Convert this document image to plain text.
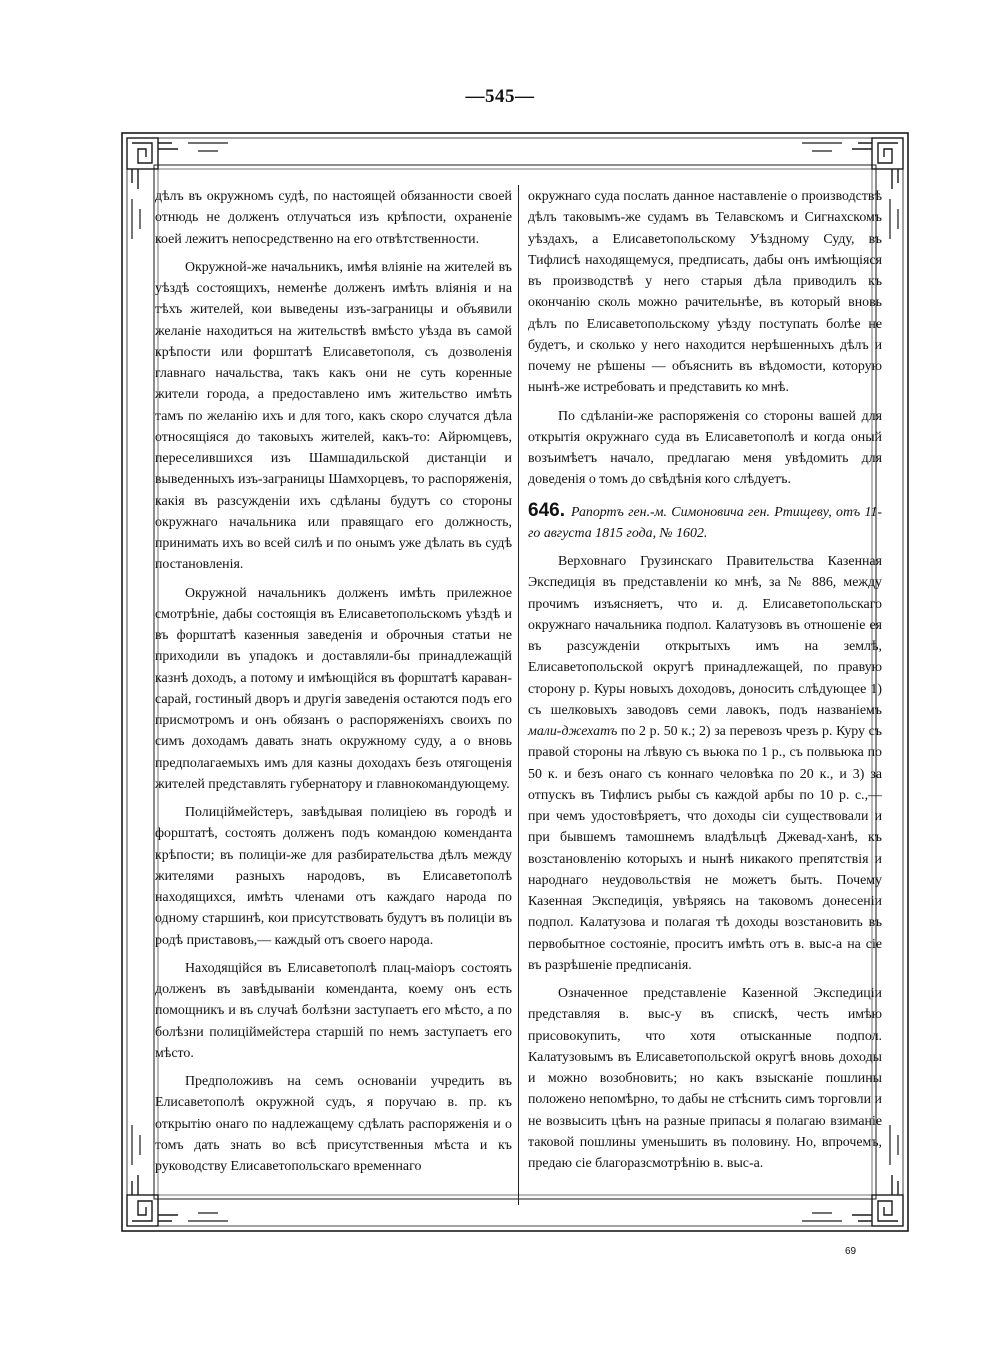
—545—

дѣлъ въ окружномъ судѣ, по настоящей обязанности своей отнюдь не долженъ отлучаться изъ крѣпости, охраненіе коей лежитъ непосредственно на его отвѣтственности.

Окружной-же начальникъ, имѣя вліяніе на жителей въ уѣздѣ состоящихъ, неменѣе долженъ имѣть вліянія и на тѣхъ жителей, кои выведены изъ-заграницы и объявили желаніе находиться на жительствѣ вмѣсто уѣзда въ самой крѣпости или форштатѣ Елисаветополя, съ дозволенія главнаго начальства, такъ какъ они не суть коренные жители города, а предоставлено имъ жительство имѣть тамъ по желанію ихъ и для того, какъ скоро случатся дѣла относящіяся до таковыхъ жителей, какъ-то: Айрюмцевъ, переселившихся изъ Шамшадильской дистанціи и выведенныхъ изъ-заграницы Шамхорцевъ, то распоряженія, какія въ разсужденіи ихъ сдѣланы будутъ со стороны окружнаго начальника или правящаго его должность, принимать ихъ во всей силѣ и по онымъ уже дѣлать въ судѣ постановленія.

Окружной начальникъ долженъ имѣть прилежное смотрѣніе, дабы состоящія въ Елисаветопольскомъ уѣздѣ и въ форштатѣ казенныя заведенія и оброчныя статьи не приходили въ упадокъ и доставляли-бы принадлежащій казнѣ доходъ, а потому и имѣющійся въ форштатѣ караван-сарай, гостиный дворъ и другія заведенія остаются подъ его присмотромъ и онъ обязанъ о распоряженіяхъ своихъ по симъ доходамъ давать знать окружному суду, а о вновь предполагаемыхъ имъ для казны доходахъ безъ отягощенія жителей представлять губернатору и главнокомандующему.

Полиціймейстеръ, завѣдывая полиціею въ городѣ и форштатѣ, состоять долженъ подъ командою коменданта крѣпости; въ полиціи-же для разбирательства дѣлъ между жителями разныхъ народовъ, въ Елисаветополѣ находящихся, имѣть членами отъ каждаго народа по одному старшинѣ, кои присутствовать будутъ въ полиціи въ родѣ приставовъ,— каждый отъ своего народа.

Находящійся въ Елисаветополѣ плац-маіоръ состоять долженъ въ завѣдываніи коменданта, коему онъ есть помощникъ и въ случаѣ болѣзни заступаетъ его мѣсто, а по болѣзни полиціймейстера старшій по немъ заступаетъ его мѣсто.

Предположивъ на семъ основаніи учредить въ Елисаветополѣ окружной судъ, я поручаю в. пр. къ открытію онаго по надлежащему сдѣлать распоряженія и о томъ дать знать во всѣ присутственныя мѣста и къ руководству Елисаветопольскаго временнаго

окружнаго суда послать данное наставленіе о производствѣ дѣлъ таковымъ-же судамъ въ Телавскомъ и Сигнахскомъ уѣздахъ, а Елисаветопольскому Уѣздному Суду, въ Тифлисѣ находящемуся, предписать, дабы онъ имѣющіяся въ производствѣ у него старыя дѣла приводилъ къ окончанію сколь можно рачительнѣе, въ который вновь дѣлъ по Елисаветопольскому уѣзду поступать болѣе не будетъ, и сколько у него находится нерѣшенныхъ дѣлъ и почему не рѣшены — объяснить въ вѣдомости, которую нынѣ-же истребовать и представить ко мнѣ.

По сдѣланіи-же распоряженія со стороны вашей для открытія окружнаго суда въ Елисаветополѣ и когда оный возъимѣетъ начало, предлагаю меня увѣдомить для доведенія о томъ до свѣдѣнія кого слѣдуетъ.

646. Рапортъ ген.-м. Симоновича ген. Ртищеву, отъ 11-го августа 1815 года, № 1602.

Верховнаго Грузинскаго Правительства Казенная Экспедиція въ представленіи ко мнѣ, за № 886, между прочимъ изъясняетъ, что и. д. Елисаветопольскаго окружнаго начальника подпол. Калатузовъ въ отношеніе ея въ разсужденіи открытыхъ имъ на землѣ, Елисаветопольской округѣ принадлежащей, по правую сторону р. Куры новыхъ доходовъ, доносить слѣдующее 1) съ шелковыхъ заводовъ семи лавокъ, подъ названіемъ мали-джехатъ по 2 р. 50 к.; 2) за перевозъ чрезъ р. Куру съ правой стороны на лѣвую съ вьюка по 1 р., съ полвьюка по 50 к. и безъ онаго съ коннаго человѣка по 20 к., и 3) за отпускъ въ Тифлисъ рыбы съ каждой арбы по 10 р. с.,—при чемъ удостовѣряетъ, что доходы сіи существовали и при бывшемъ тамошнемъ владѣльцѣ Джевад-ханѣ, къ возстановленію которыхъ и нынѣ никакого препятствія и народнаго неудовольствія не можетъ быть. Почему Казенная Экспедиція, увѣряясь на таковомъ донесеніи подпол. Калатузова и полагая тѣ доходы возстановить въ первобытное состояніе, проситъ имѣть отъ в. выс-а на сіе въ разрѣшеніе предписанія.

Означенное представленіе Казенной Экспедиціи представляя в. выс-у въ спискѣ, честь имѣю присовокупить, что хотя отысканные подпол. Калатузовымъ въ Елисаветопольской округѣ вновь доходы и можно возобновить; но какъ взысканіе пошлины положено непомѣрно, то дабы не стѣснить симъ торговли и не возвысить цѣнъ на разные припасы я полагаю взиманіе таковой пошлины уменьшить въ половину. Но, впрочемъ, предаю сіе благоразсмотрѣнію в. выс-а.

69
